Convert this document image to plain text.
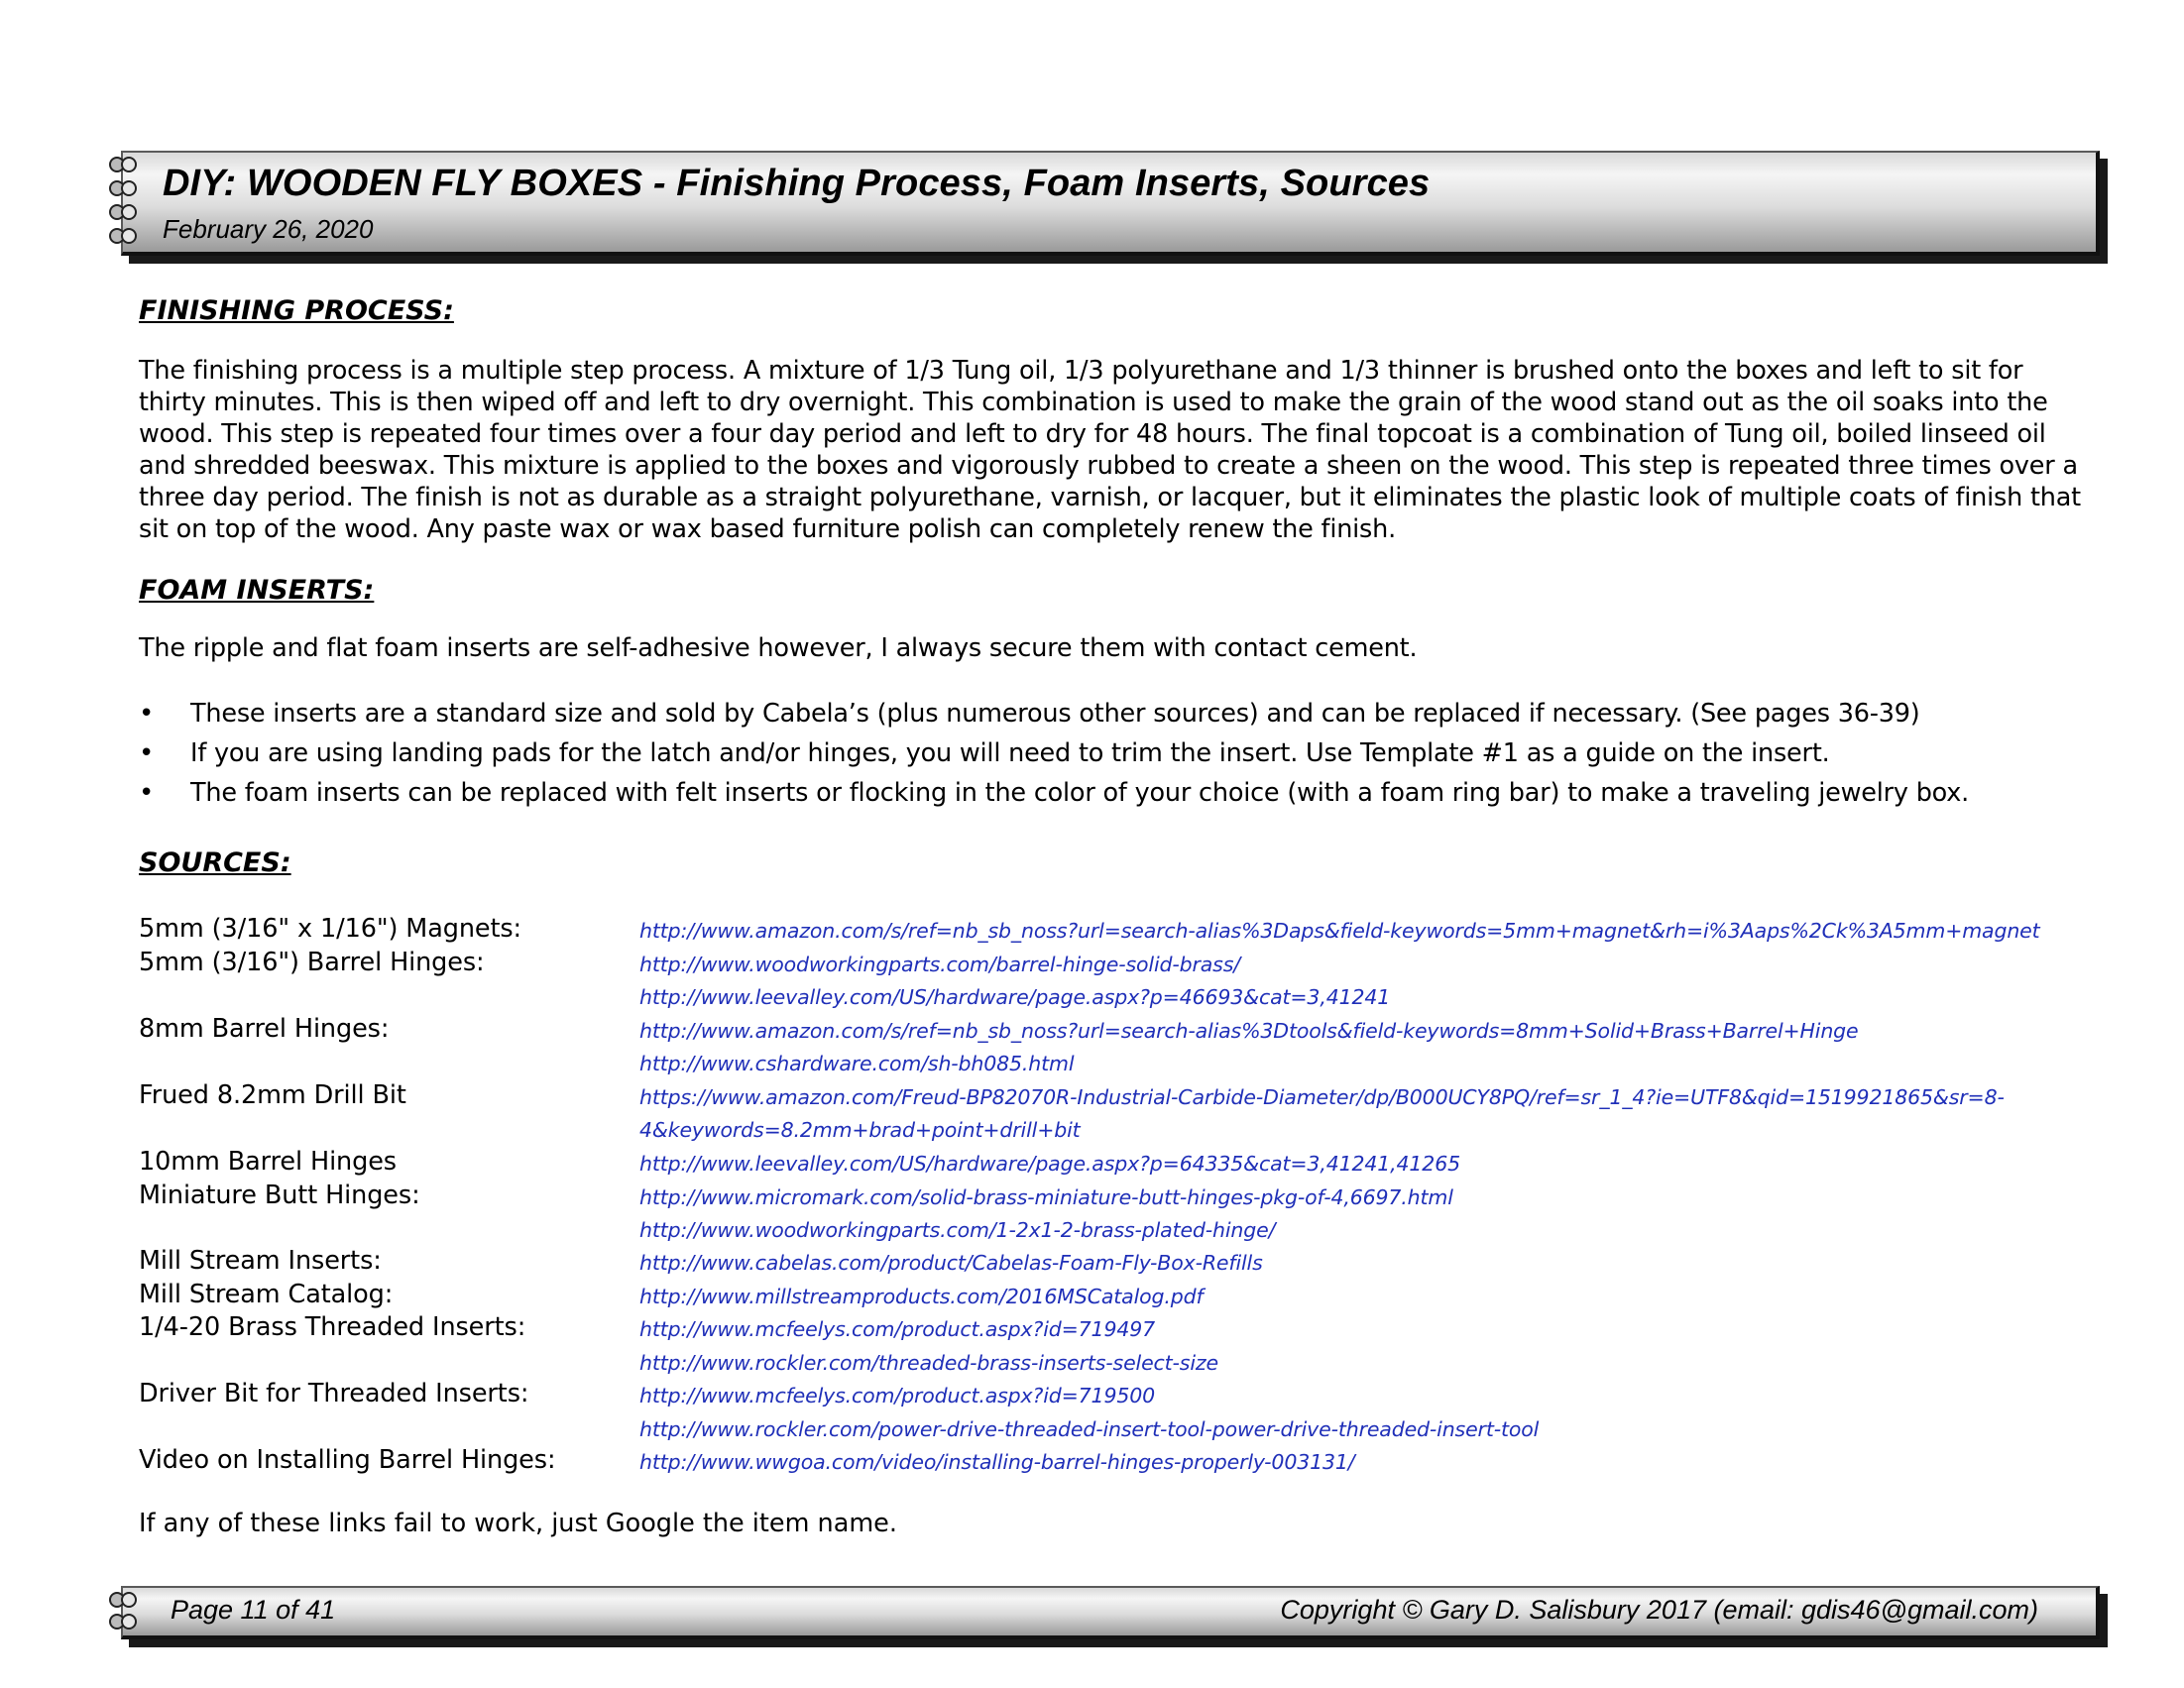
DIY: WOODEN FLY BOXES - Finishing Process, Foam Inserts, Sources
February 26, 2020
FINISHING PROCESS:

The finishing process is a multiple step process. A mixture of 1/3 Tung oil, 1/3 polyurethane and 1/3 thinner is brushed onto the boxes and left to sit for thirty minutes. This is then wiped off and left to dry overnight. This combination is used to make the grain of the wood stand out as the oil soaks into the wood. This step is repeated four times over a four day period and left to dry for 48 hours. The final topcoat is a combination of Tung oil, boiled linseed oil and shredded beeswax. This mixture is applied to the boxes and vigorously rubbed to create a sheen on the wood. This step is repeated three times over a three day period. The finish is not as durable as a straight polyurethane, varnish, or lacquer, but it eliminates the plastic look of multiple coats of finish that sit on top of the wood. Any paste wax or wax based furniture polish can completely renew the finish.

FOAM INSERTS:

The ripple and flat foam inserts are self-adhesive however, I always secure them with contact cement.

• These inserts are a standard size and sold by Cabela’s (plus numerous other sources) and can be replaced if necessary. (See pages 36-39)
• If you are using landing pads for the latch and/or hinges, you will need to trim the insert. Use Template #1 as a guide on the insert.
• The foam inserts can be replaced with felt inserts or flocking in the color of your choice (with a foam ring bar) to make a traveling jewelry box.
SOURCES:
5mm (3/16" x 1/16") Magnets:
5mm (3/16") Barrel Hinges:
8mm Barrel Hinges:
Frued 8.2mm Drill Bit
10mm Barrel Hinges
Miniature Butt Hinges:
Mill Stream Inserts:
Mill Stream Catalog:
1/4-20 Brass Threaded Inserts:
Driver Bit for Threaded Inserts:
Video on Installing Barrel Hinges:
http://www.amazon.com/s/ref=nb_sb_noss?url=search-alias%3Daps&field-keywords=5mm+magnet&rh=i%3Aaps%2Ck%3A5mm+magnet
http://www.woodworkingparts.com/barrel-hinge-solid-brass/
http://www.leevalley.com/US/hardware/page.aspx?p=46693&cat=3,41241
http://www.amazon.com/s/ref=nb_sb_noss?url=search-alias%3Dtools&field-keywords=8mm+Solid+Brass+Barrel+Hinge
http://www.cshardware.com/sh-bh085.html
https://www.amazon.com/Freud-BP82070R-Industrial-Carbide-Diameter/dp/B000UCY8PQ/ref=sr_1_4?ie=UTF8&qid=1519921865&sr=8-
4&keywords=8.2mm+brad+point+drill+bit
http://www.leevalley.com/US/hardware/page.aspx?p=64335&cat=3,41241,41265
http://www.micromark.com/solid-brass-miniature-butt-hinges-pkg-of-4,6697.html
http://www.woodworkingparts.com/1-2x1-2-brass-plated-hinge/
http://www.cabelas.com/product/Cabelas-Foam-Fly-Box-Refills
http://www.millstreamproducts.com/2016MSCatalog.pdf
http://www.mcfeelys.com/product.aspx?id=719497
http://www.rockler.com/threaded-brass-inserts-select-size
http://www.mcfeelys.com/product.aspx?id=719500
http://www.rockler.com/power-drive-threaded-insert-tool-power-drive-threaded-insert-tool
http://www.wwgoa.com/video/installing-barrel-hinges-properly-003131/
If any of these links fail to work, just Google the item name.
Page 11 of 41	Copyright © Gary D. Salisbury 2017 (email: gdis46@gmail.com)
